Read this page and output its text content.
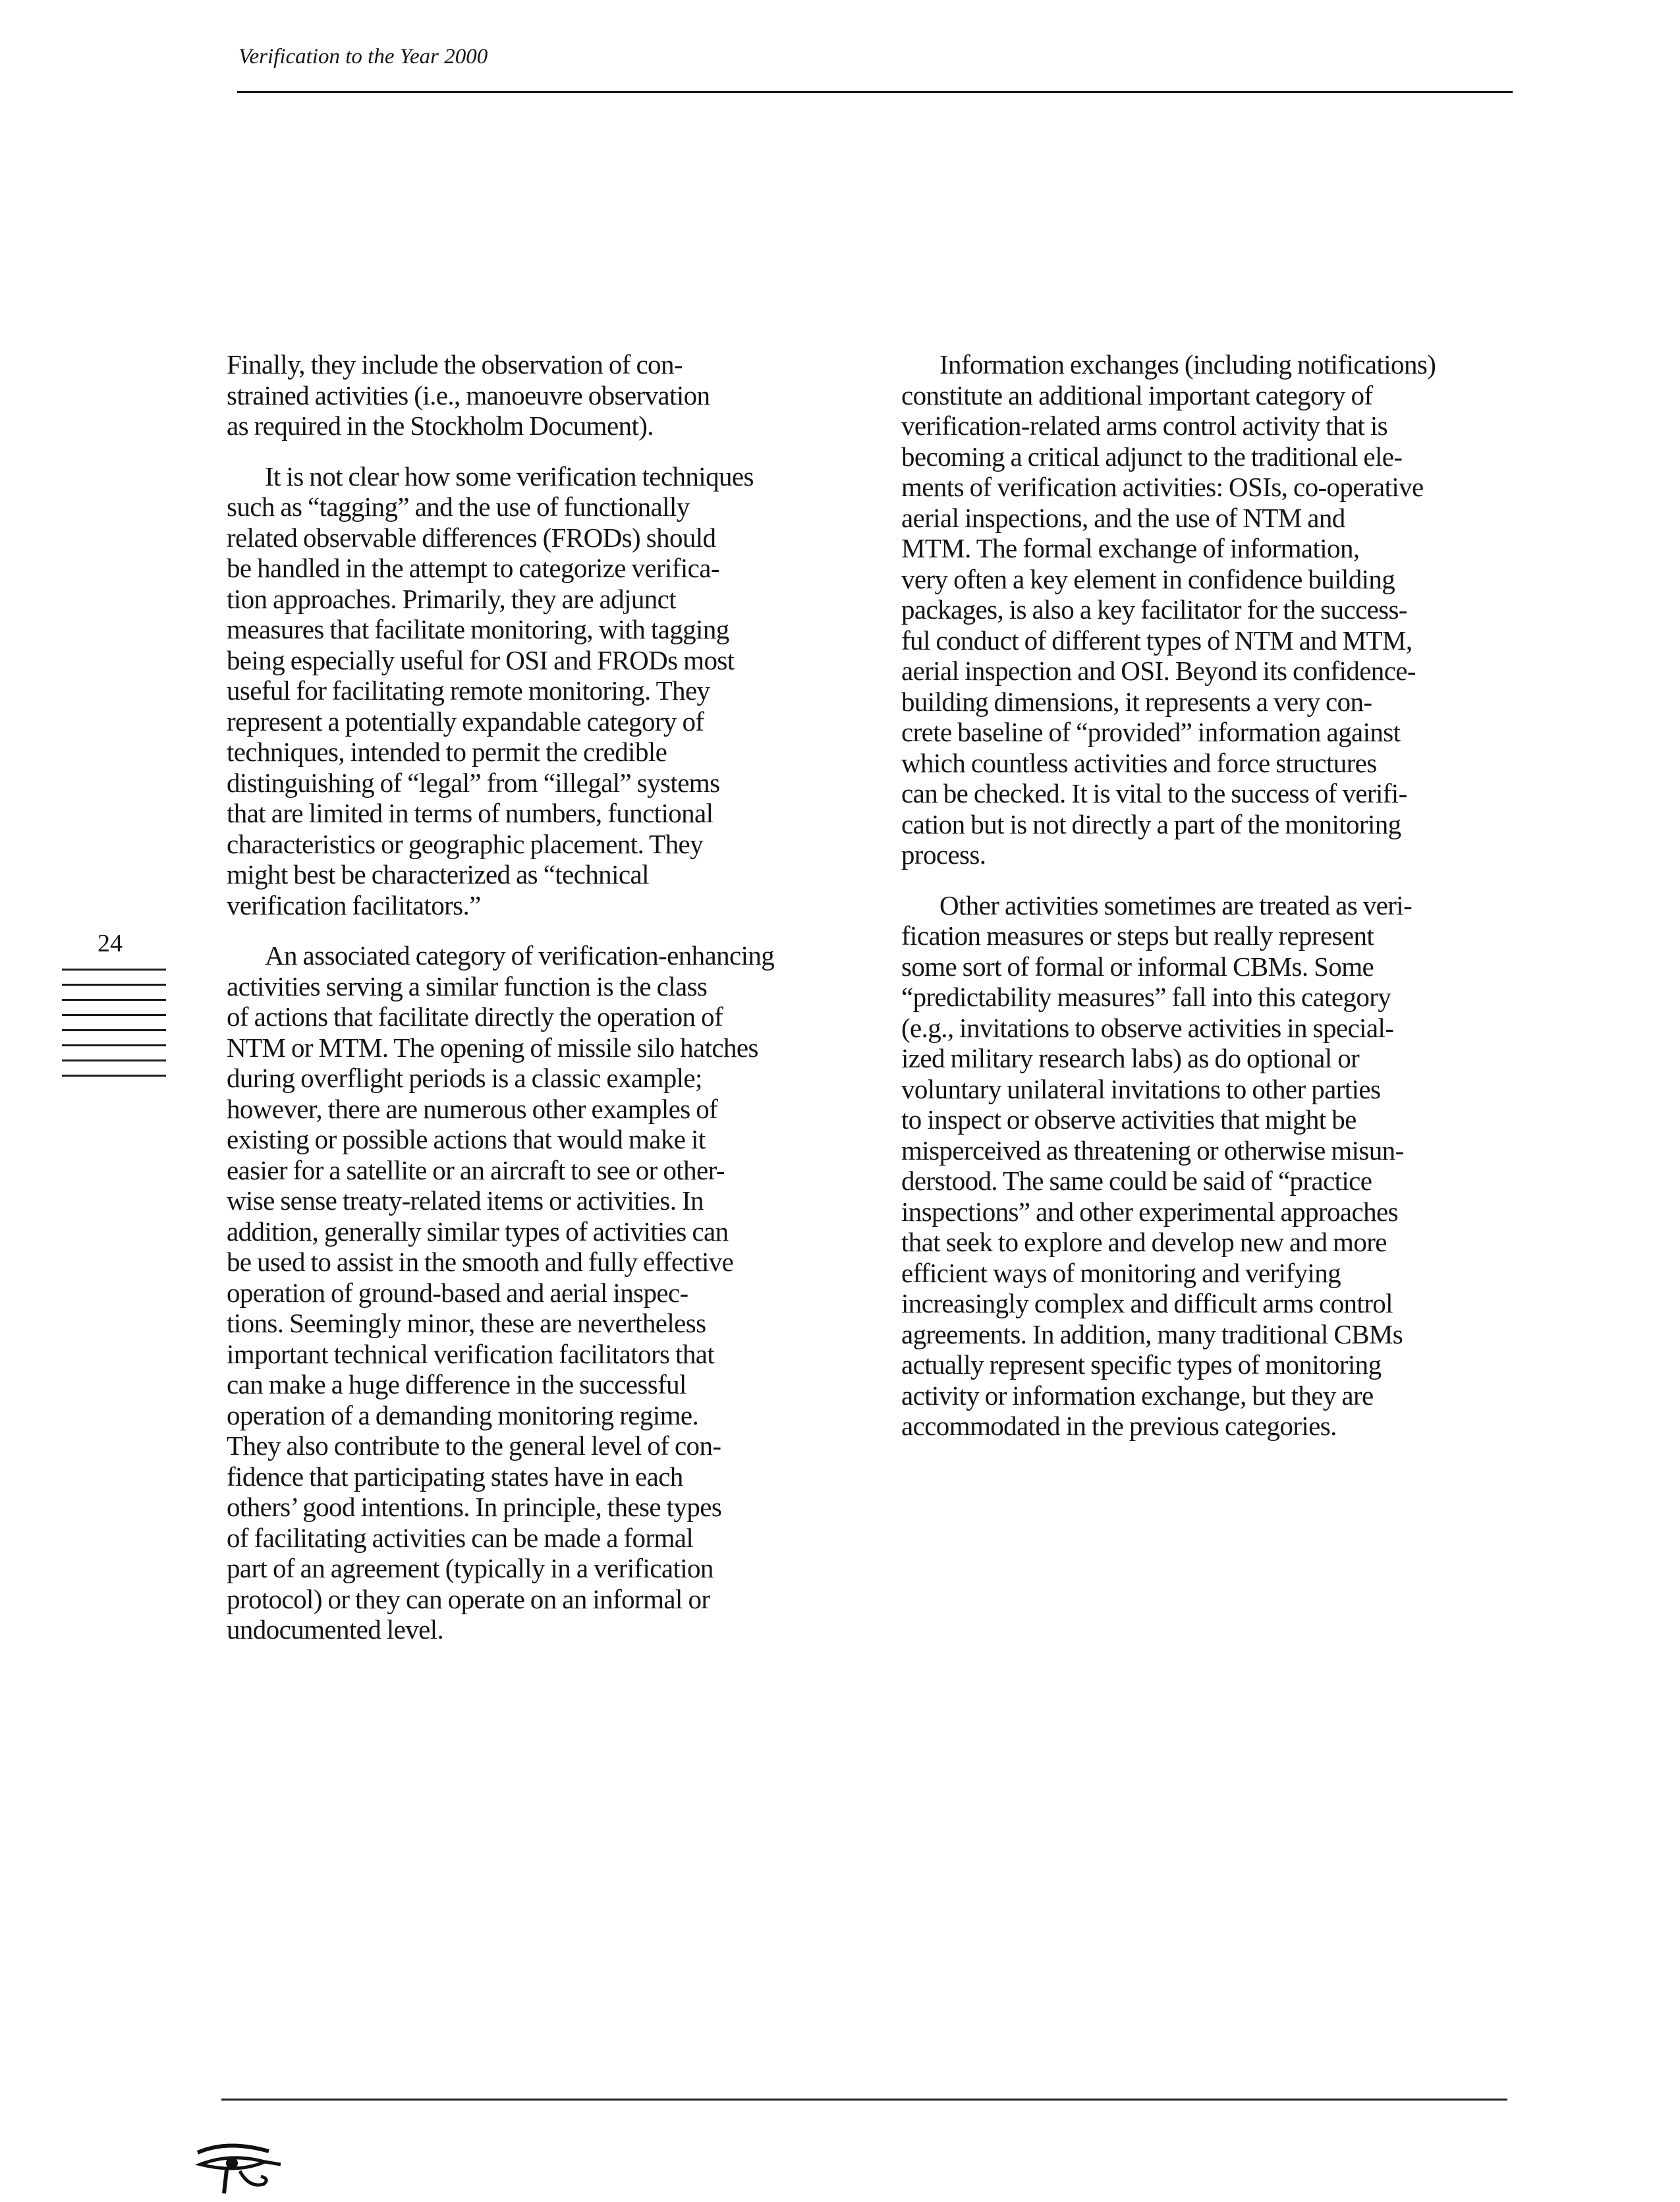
Verification to the Year 2000

Finally, they include the observation of con-
strained activities (i.e., manoeuvre observation
as required in the Stockholm Document).

It is not clear how some verification techniques
such as “tagging” and the use of functionally
related observable differences (FRODs) should
be handled in the attempt to categorize verifica-
tion approaches. Primarily, they are adjunct
measures that facilitate monitoring, with tagging
being especially useful for OSI and FRODs most
useful for facilitating remote monitoring. They
represent a potentially expandable category of
techniques, intended to permit the credible
distinguishing of “legal” from “illegal” systems
that are limited in terms of numbers, functional
characteristics or geographic placement. They
might best be characterized as “technical
verification facilitators.”

An associated category of verification-enhancing
activities serving a similar function is the class
of actions that facilitate directly the operation of
NTM or MTM. The opening of missile silo hatches
during overflight periods is a classic example;
however, there are numerous other examples of
existing or possible actions that would make it
easier for a satellite or an aircraft to see or other-
wise sense treaty-related items or activities. In
addition, generally similar types of activities can
be used to assist in the smooth and fully effective
operation of ground-based and aerial inspec-
tions. Seemingly minor, these are nevertheless
important technical verification facilitators that
can make a huge difference in the successful
operation of a demanding monitoring regime.
They also contribute to the general level of con-
fidence that participating states have in each
others’ good intentions. In principle, these types
of facilitating activities can be made a formal
part of an agreement (typically in a verification
protocol) or they can operate on an informal or
undocumented level.

Information exchanges (including notifications)
constitute an additional important category of
verification-related arms control activity that is
becoming a critical adjunct to the traditional ele-
ments of verification activities: OSIs, co-operative
aerial inspections, and the use of NTM and
MTM. The formal exchange of information,
very often a key element in confidence building
packages, is also a key facilitator for the success-
ful conduct of different types of NTM and MTM,
aerial inspection and OSI. Beyond its confidence-
building dimensions, it represents a very con-
crete baseline of “provided” information against
which countless activities and force structures
can be checked. It is vital to the success of verifi-
cation but is not directly a part of the monitoring
process.

Other activities sometimes are treated as veri-
fication measures or steps but really represent
some sort of formal or informal CBMs. Some
“predictability measures” fall into this category
(e.g., invitations to observe activities in special-
ized military research labs) as do optional or
voluntary unilateral invitations to other parties
to inspect or observe activities that might be
misperceived as threatening or otherwise misun-
derstood. The same could be said of “practice
inspections” and other experimental approaches
that seek to explore and develop new and more
efficient ways of monitoring and verifying
increasingly complex and difficult arms control
agreements. In addition, many traditional CBMs
actually represent specific types of monitoring
activity or information exchange, but they are
accommodated in the previous categories.

24
